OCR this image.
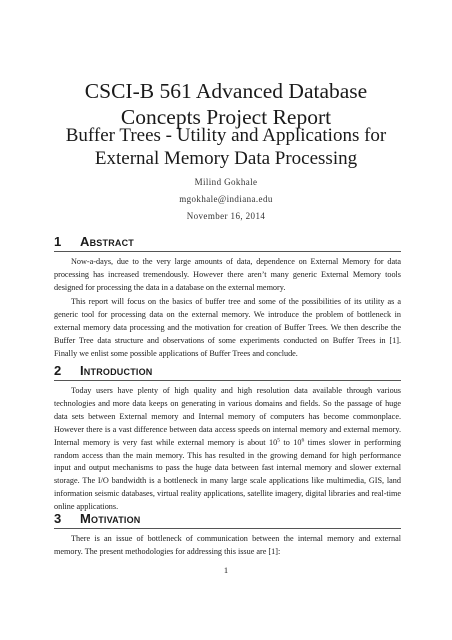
CSCI-B 561 Advanced Database
Concepts Project Report
Buffer Trees - Utility and Applications for
External Memory Data Processing
Milind Gokhale
mgokhale@indiana.edu
November 16, 2014
1 Abstract
Now-a-days, due to the very large amounts of data, dependence on External Memory for data processing has increased tremendously. However there aren’t many generic External Memory tools designed for processing the data in a database on the external memory.
This report will focus on the basics of buffer tree and some of the possibilities of its utility as a generic tool for processing data on the external memory. We introduce the problem of bottleneck in external memory data processing and the motivation for creation of Buffer Trees. We then describe the Buffer Tree data structure and observations of some experiments conducted on Buffer Trees in [1]. Finally we enlist some possible applications of Buffer Trees and conclude.
2 Introduction
Today users have plenty of high quality and high resolution data available through various technologies and more data keeps on generating in various domains and fields. So the passage of huge data sets between External memory and Internal memory of computers has become commonplace. However there is a vast difference between data access speeds on internal memory and external memory. Internal memory is very fast while external memory is about $10^5$ to $10^6$ times slower in performing random access than the main memory. This has resulted in the growing demand for high performance input and output mechanisms to pass the huge data between fast internal memory and slower external storage. The I/O bandwidth is a bottleneck in many large scale applications like multimedia, GIS, land information seismic databases, virtual reality applications, satellite imagery, digital libraries and real-time online applications.
3 Motivation
There is an issue of bottleneck of communication between the internal memory and external memory. The present methodologies for addressing this issue are [1]:
1
